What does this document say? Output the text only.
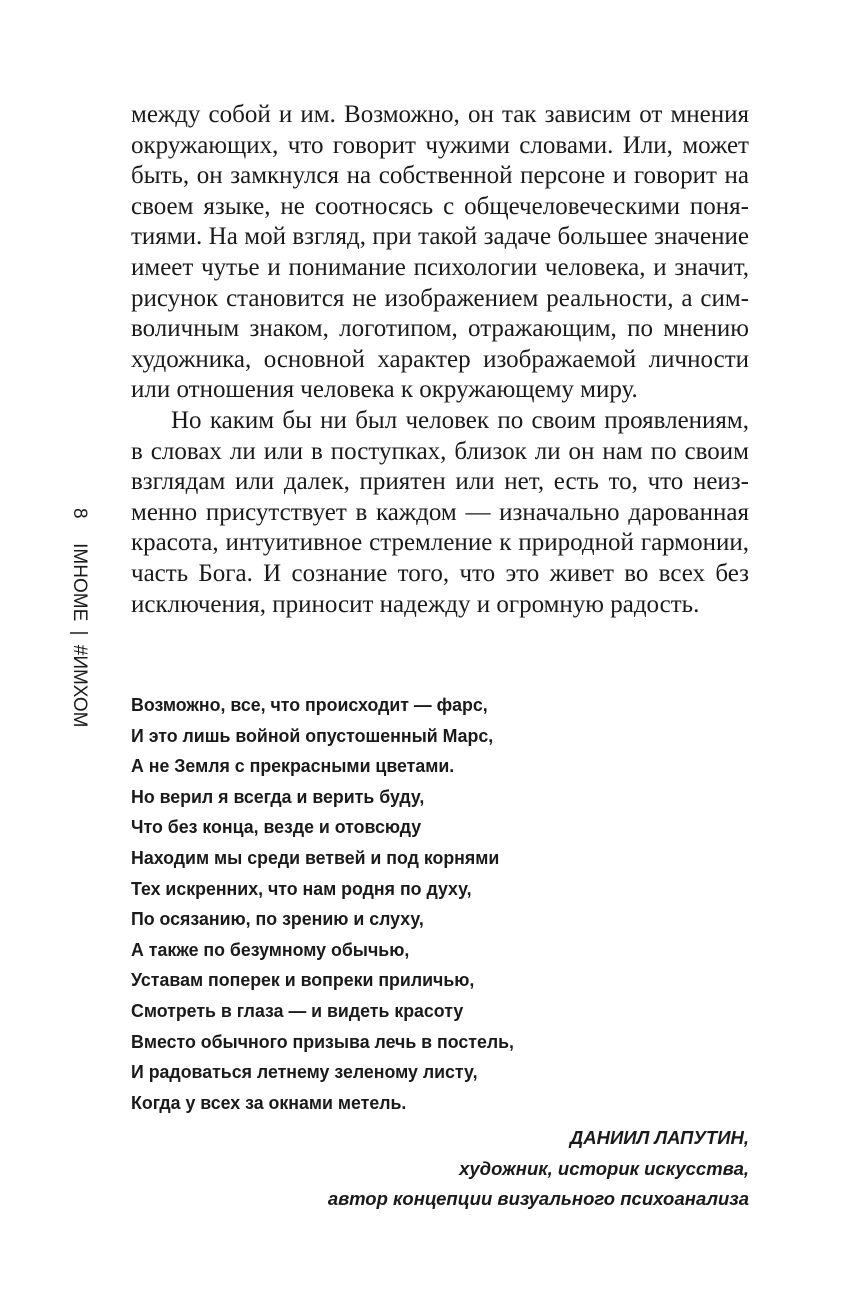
8  IMHOME | #ИМХОМ

между собой и им. Возможно, он так зависим от мнения окружающих, что говорит чужими словами. Или, может быть, он замкнулся на собственной персоне и говорит на своем языке, не соотносясь с общечеловеческими понятиями. На мой взгляд, при такой задаче большее значение имеет чутье и понимание психологии человека, и значит, рисунок становится не изображением реальности, а символичным знаком, логотипом, отражающим, по мнению художника, основной характер изображаемой личности или отношения человека к окружающему миру.

Но каким бы ни был человек по своим проявлениям, в словах ли или в поступках, близок ли он нам по своим взглядам или далек, приятен или нет, есть то, что неизменно присутствует в каждом — изначально дарованная красота, интуитивное стремление к природной гармонии, часть Бога. И сознание того, что это живет во всех без исключения, приносит надежду и огромную радость.

Возможно, все, что происходит — фарс,
И это лишь войной опустошенный Марс,
А не Земля с прекрасными цветами.
Но верил я всегда и верить буду,
Что без конца, везде и отовсюду
Находим мы среди ветвей и под корнями
Тех искренних, что нам родня по духу,
По осязанию, по зрению и слуху,
А также по безумному обычью,
Уставам поперек и вопреки приличью,
Смотреть в глаза — и видеть красоту
Вместо обычного призыва лечь в постель,
И радоваться летнему зеленому листу,
Когда у всех за окнами метель.
ДАНИИЛ ЛАПУТИН,
художник, историк искусства,
автор концепции визуального психоанализа
